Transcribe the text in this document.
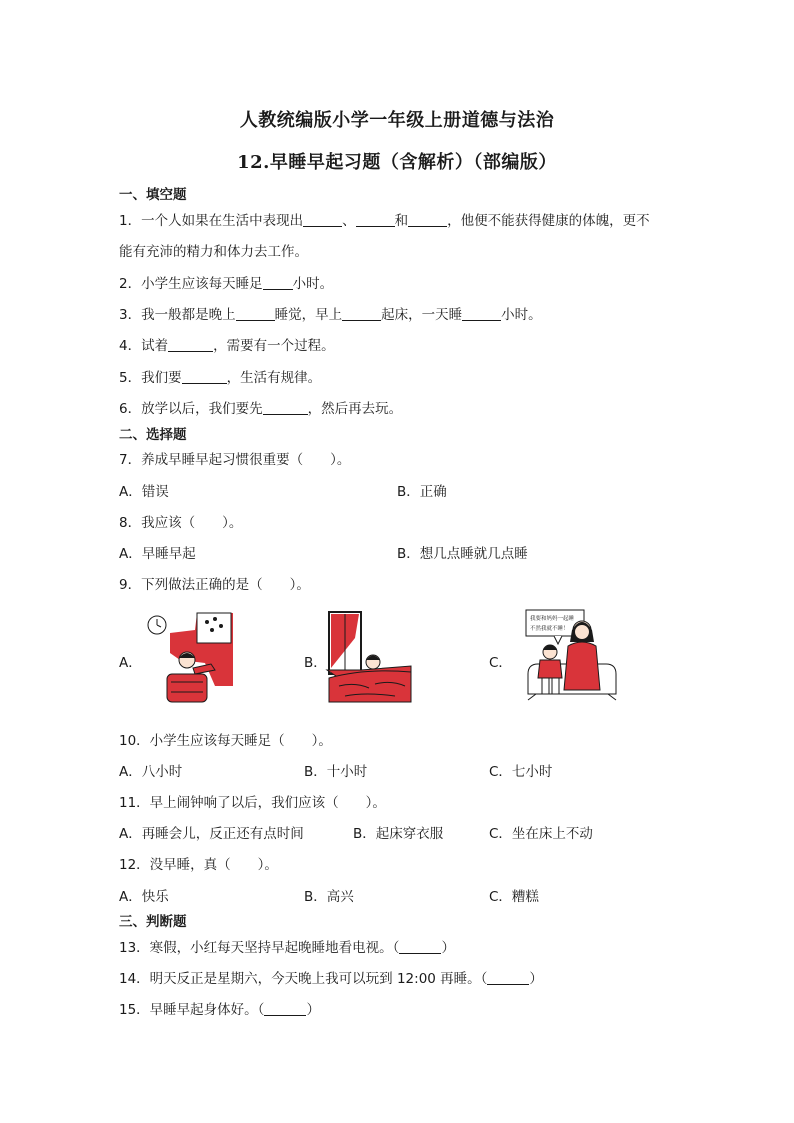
人教统编版小学一年级上册道德与法治
12.早睡早起习题（含解析）（部编版）
一、填空题
1．一个人如果在生活中表现出	、	和	，他便不能获得健康的体魄，更不
能有充沛的精力和体力去工作。
2．小学生应该每天睡足 小时。
3．我一般都是晚上	睡觉，早上	起床，一天睡	小时。
4．试着	，需要有一个过程。
5．我们要	，生活有规律。
6．放学以后，我们要先	，然后再去玩。
二、选择题
7．养成早睡早起习惯很重要（　　）。
A．错误	B．正确
8．我应该（　　）。
A．早睡早起	B．想几点睡就几点睡
9．下列做法正确的是（　　）。
A．	B．	C．
我要和妈妈一起睡
不然我就不睡！
10．小学生应该每天睡足（　　）。
A．八小时	B．十小时	C．七小时
11．早上闹钟响了以后，我们应该（　　）。
A．再睡会儿，反正还有点时间	B．起床穿衣服	C．坐在床上不动
12．没早睡，真（　　）。
A．快乐	B．高兴	C．糟糕
三、判断题
13．寒假，小红每天坚持早起晚睡地看电视。（	）
14．明天反正是星期六，今天晚上我可以玩到 12:00 再睡。（	）
15．早睡早起身体好。（	）
